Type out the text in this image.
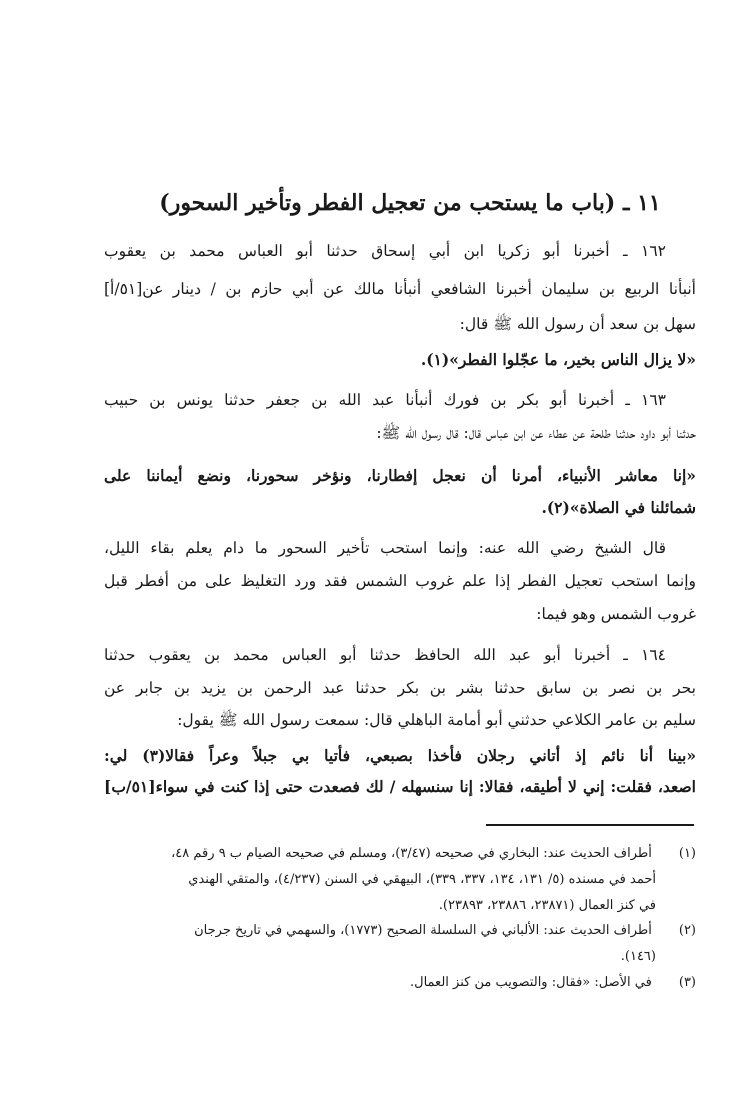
١١ ـ (باب ما يستحب من تعجيل الفطر وتأخير السحور)
١٦٢ ـ أخبرنا أبو زكريا ابن أبي إسحاق حدثنا أبو العباس محمد بن يعقوب
أنبأنا الربيع بن سليمان أخبرنا الشافعي أنبأنا مالك عن أبي حازم بن / دينار عن[٥١/أ]
سهل بن سعد أن رسول الله ﷺ قال:
«لا يزال الناس بخير، ما عجّلوا الفطر»(١).
١٦٣ ـ أخبرنا أبو بكر بن فورك أنبأنا عبد الله بن جعفر حدثنا يونس بن حبيب
حدثنا أبو داود حدثنا طلحة عن عطاء عن ابن عباس قال: قال رسول الله ﷺ:
«إنا معاشر الأنبياء، أمرنا أن نعجل إفطارنا، ونؤخر سحورنا، ونضع أيماننا على
شمائلنا في الصلاة»(٢).
قال الشيخ رضي الله عنه: وإنما استحب تأخير السحور ما دام يعلم بقاء الليل،
وإنما استحب تعجيل الفطر إذا علم غروب الشمس فقد ورد التغليظ على من أفطر قبل
غروب الشمس وهو فيما:
١٦٤ ـ أخبرنا أبو عبد الله الحافظ حدثنا أبو العباس محمد بن يعقوب حدثنا
بحر بن نصر بن سابق حدثنا بشر بن بكر حدثنا عبد الرحمن بن يزيد بن جابر عن
سليم بن عامر الكلاعي حدثني أبو أمامة الباهلي قال: سمعت رسول الله ﷺ يقول:
«بينا أنا نائم إذ أتاني رجلان فأخذا بصبعي، فأتيا بي جبلاً وعراً فقالا(٣) لي:
اصعد، فقلت: إني لا أطيقه، فقالا: إنا سنسهله / لك فصعدت حتى إذا كنت في سواء[٥١/ب]
(١) أطراف الحديث عند: البخاري في صحيحه (٣/٤٧)، ومسلم في صحيحه الصيام ب ٩ رقم ٤٨،
أحمد في مسنده (٥/ ١٣١، ١٣٤، ٣٣٧، ٣٣٩)، البيهقي في السنن (٤/٢٣٧)، والمتقي الهندي
في كنز العمال (٢٣٨٧١، ٢٣٨٨٦، ٢٣٨٩٣).
(٢) أطراف الحديث عند: الألباني في السلسلة الصحيح (١٧٧٣)، والسهمي في تاريخ جرجان
(١٤٦).
(٣) في الأصل: «فقال: والتصويب من كنز العمال.
